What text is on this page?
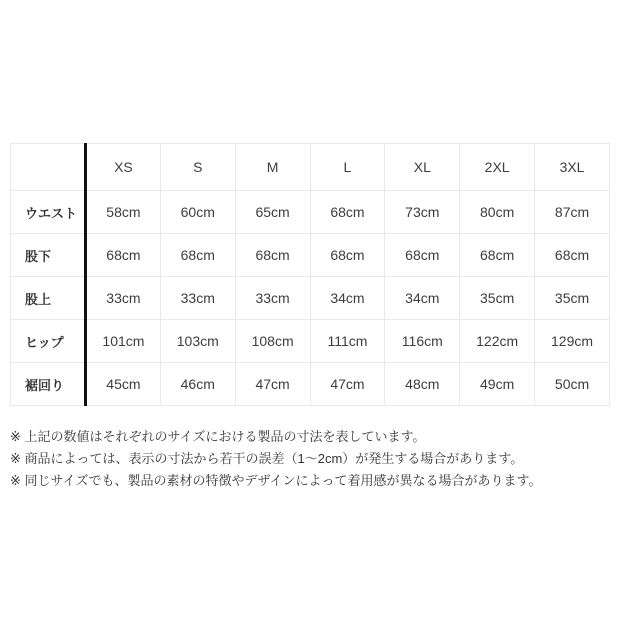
	XS	S	M	L	XL	2XL	3XL
ウエスト	58cm	60cm	65cm	68cm	73cm	80cm	87cm
股下	68cm	68cm	68cm	68cm	68cm	68cm	68cm
股上	33cm	33cm	33cm	34cm	34cm	35cm	35cm
ヒップ	101cm	103cm	108cm	111cm	116cm	122cm	129cm
裾回り	45cm	46cm	47cm	47cm	48cm	49cm	50cm

※ 上記の数値はそれぞれのサイズにおける製品の寸法を表しています。

※ 商品によっては、表示の寸法から若干の誤差（1～2cm）が発生する場合があります。

※ 同じサイズでも、製品の素材の特徴やデザインによって着用感が異なる場合があります。
